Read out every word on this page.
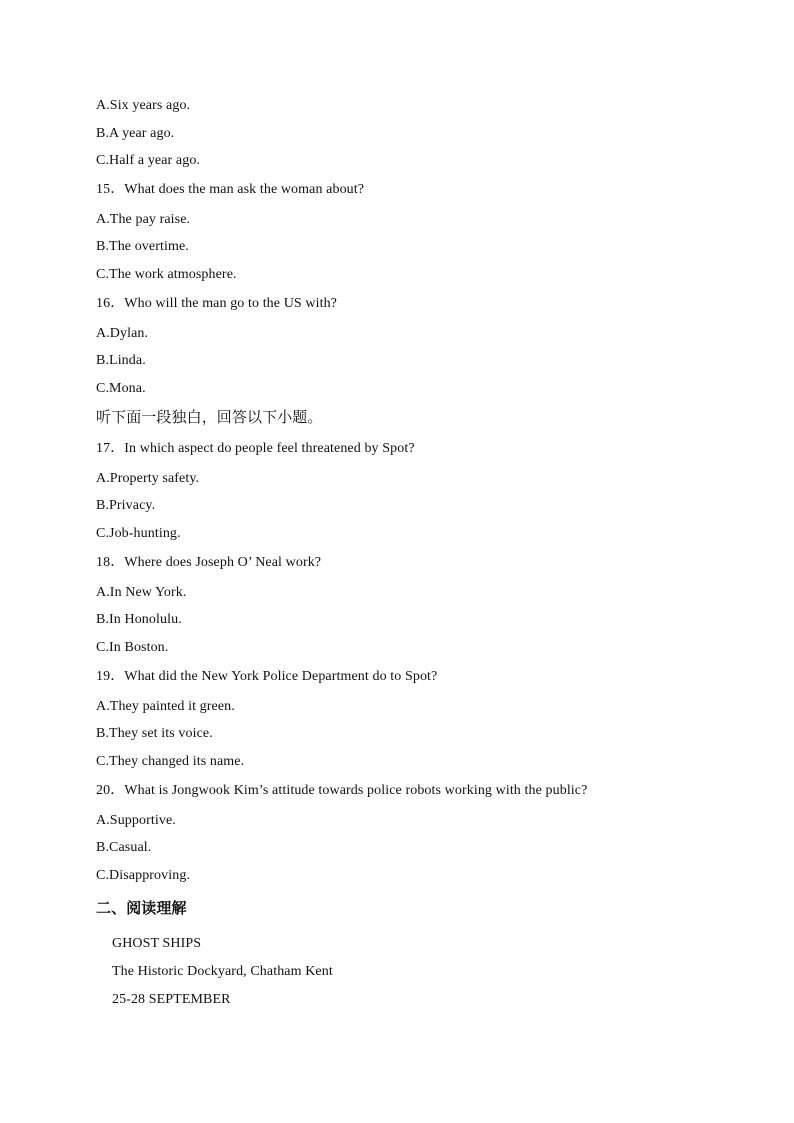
A.Six years ago.
B.A year ago.
C.Half a year ago.
15．What does the man ask the woman about?
A.The pay raise.
B.The overtime.
C.The work atmosphere.
16．Who will the man go to the US with?
A.Dylan.
B.Linda.
C.Mona.
听下面一段独白，回答以下小题。
17．In which aspect do people feel threatened by Spot?
A.Property safety.
B.Privacy.
C.Job-hunting.
18．Where does Joseph O’ Neal work?
A.In New York.
B.In Honolulu.
C.In Boston.
19．What did the New York Police Department do to Spot?
A.They painted it green.
B.They set its voice.
C.They changed its name.
20．What is Jongwook Kim’s attitude towards police robots working with the public?
A.Supportive.
B.Casual.
C.Disapproving.
二、阅读理解
GHOST SHIPS
The Historic Dockyard, Chatham Kent
25-28 SEPTEMBER
